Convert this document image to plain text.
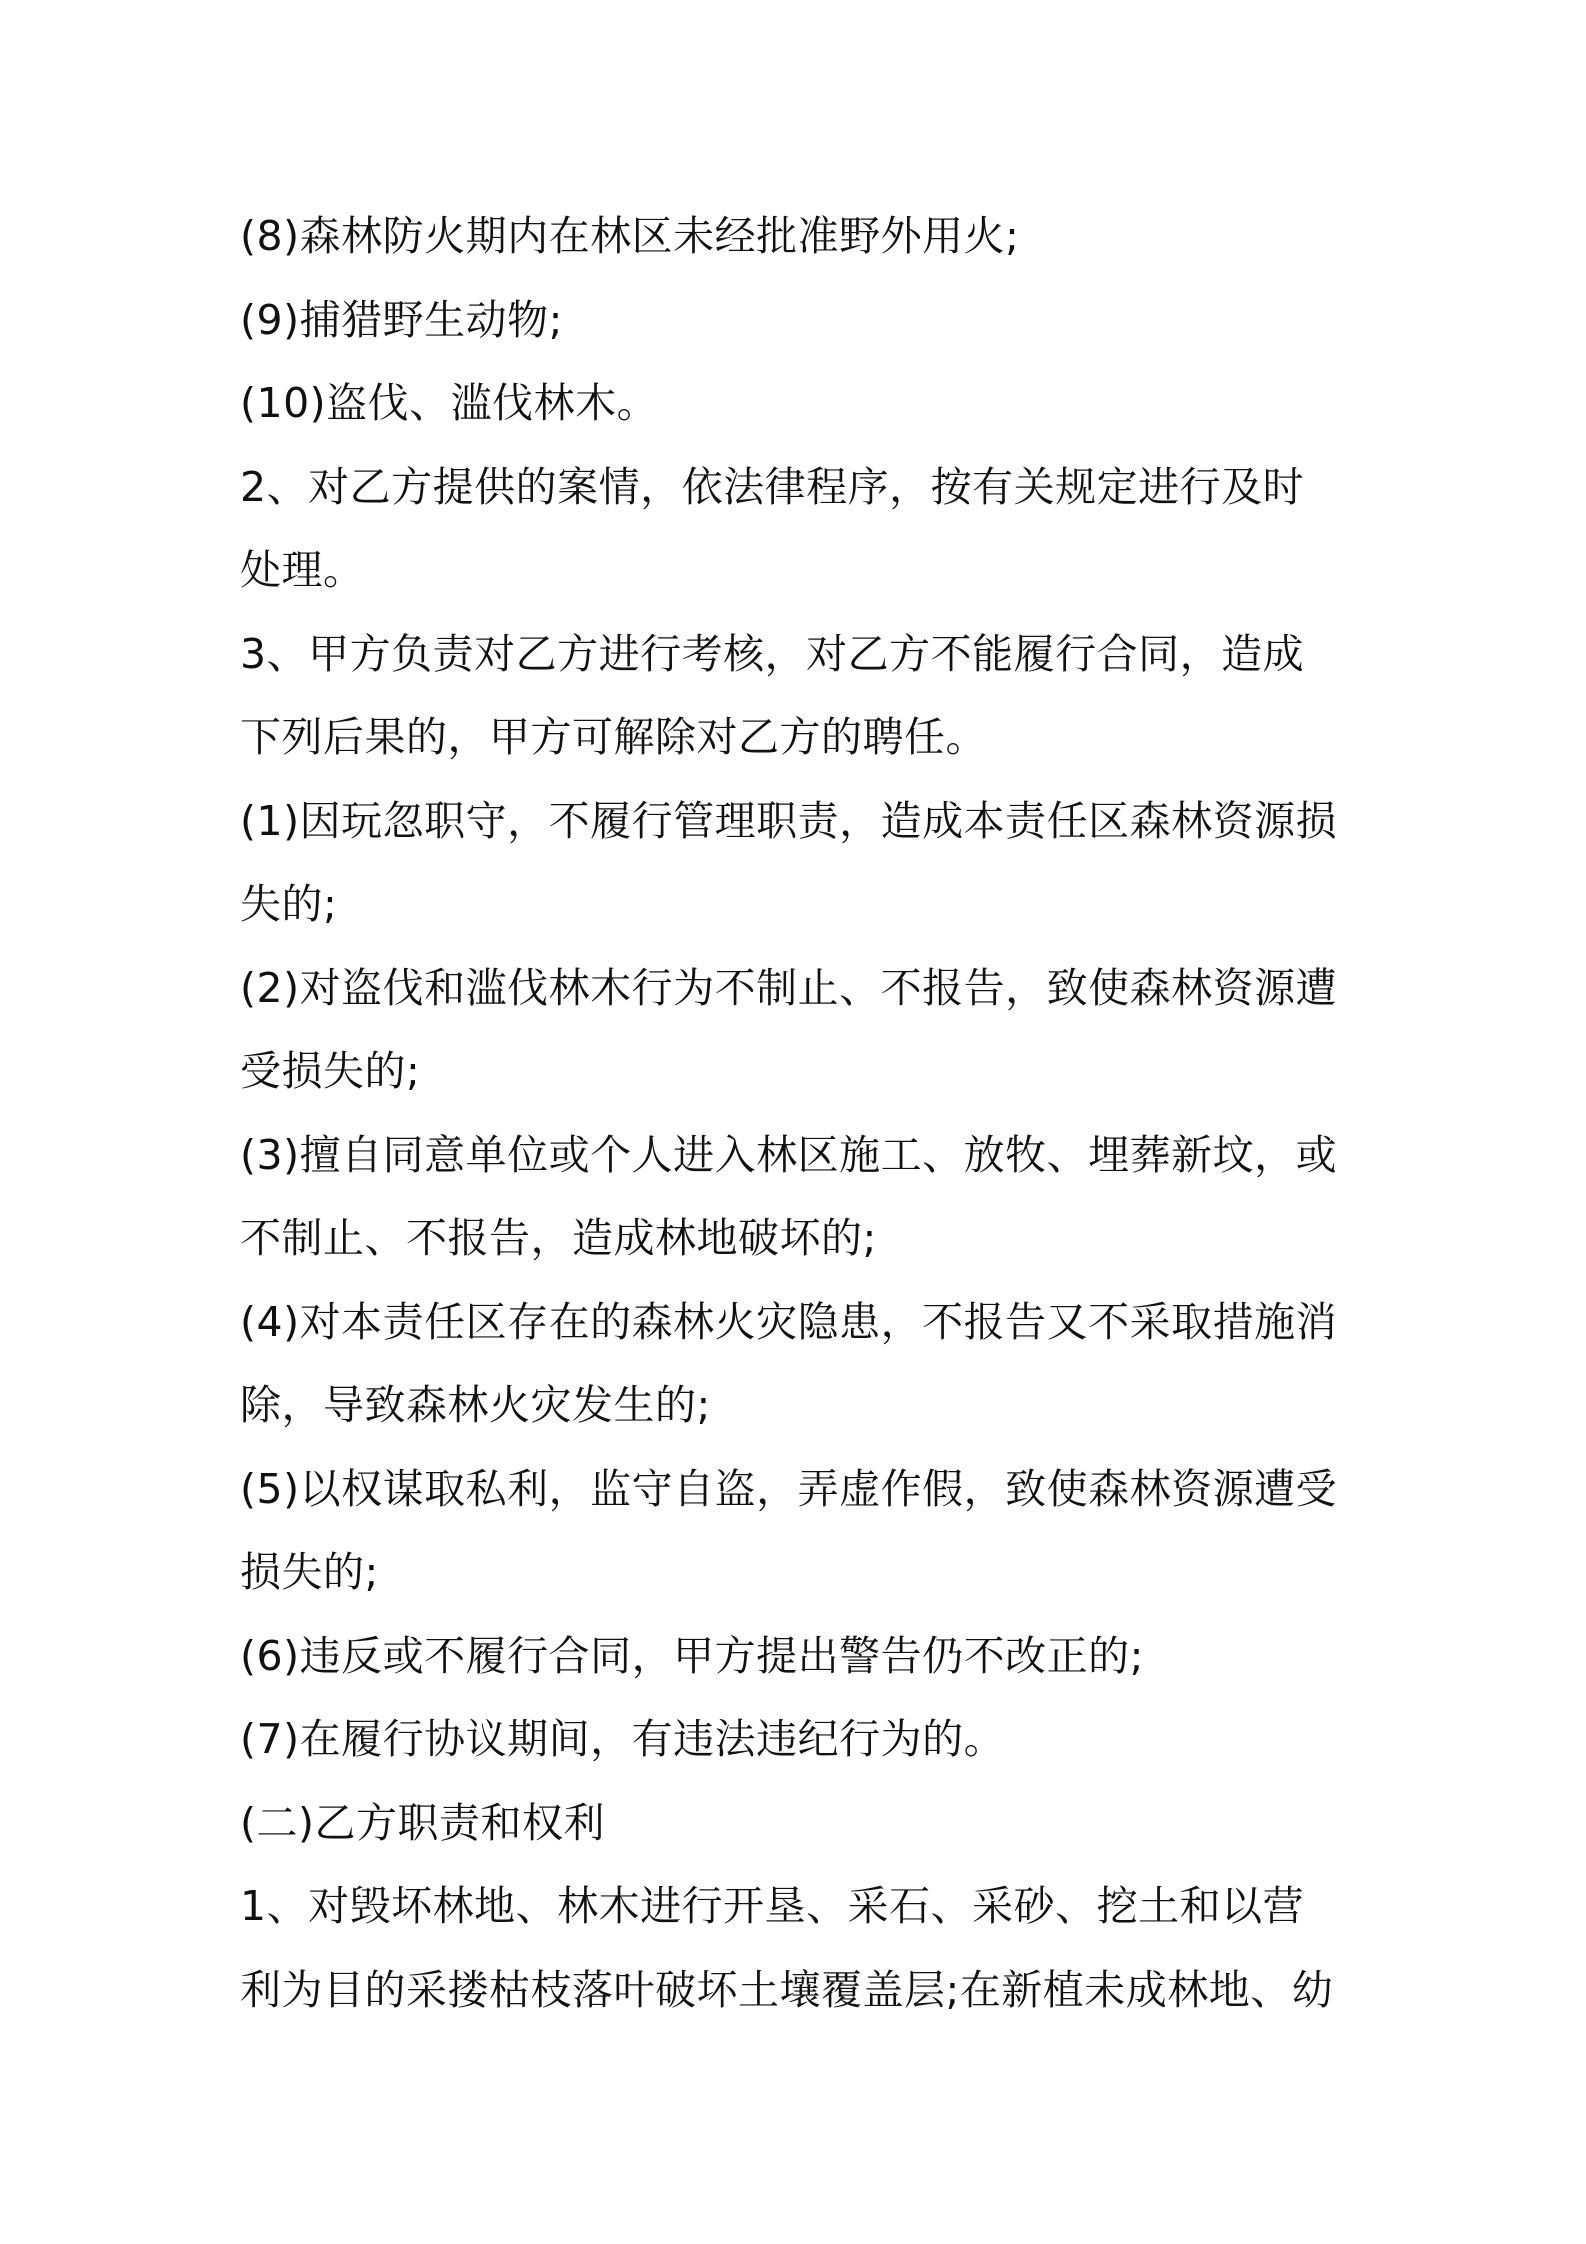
(8)森林防火期内在林区未经批准野外用火;
(9)捕猎野生动物;
(10)盗伐、滥伐林木。
2、对乙方提供的案情，依法律程序，按有关规定进行及时
处理。
3、甲方负责对乙方进行考核，对乙方不能履行合同，造成
下列后果的，甲方可解除对乙方的聘任。
(1)因玩忽职守，不履行管理职责，造成本责任区森林资源损
失的;
(2)对盗伐和滥伐林木行为不制止、不报告，致使森林资源遭
受损失的;
(3)擅自同意单位或个人进入林区施工、放牧、埋葬新坟，或
不制止、不报告，造成林地破坏的;
(4)对本责任区存在的森林火灾隐患，不报告又不采取措施消
除，导致森林火灾发生的;
(5)以权谋取私利，监守自盗，弄虚作假，致使森林资源遭受
损失的;
(6)违反或不履行合同，甲方提出警告仍不改正的;
(7)在履行协议期间，有违法违纪行为的。
(二)乙方职责和权利
1、对毁坏林地、林木进行开垦、采石、采砂、挖土和以营
利为目的采搂枯枝落叶破坏土壤覆盖层;在新植未成林地、幼
